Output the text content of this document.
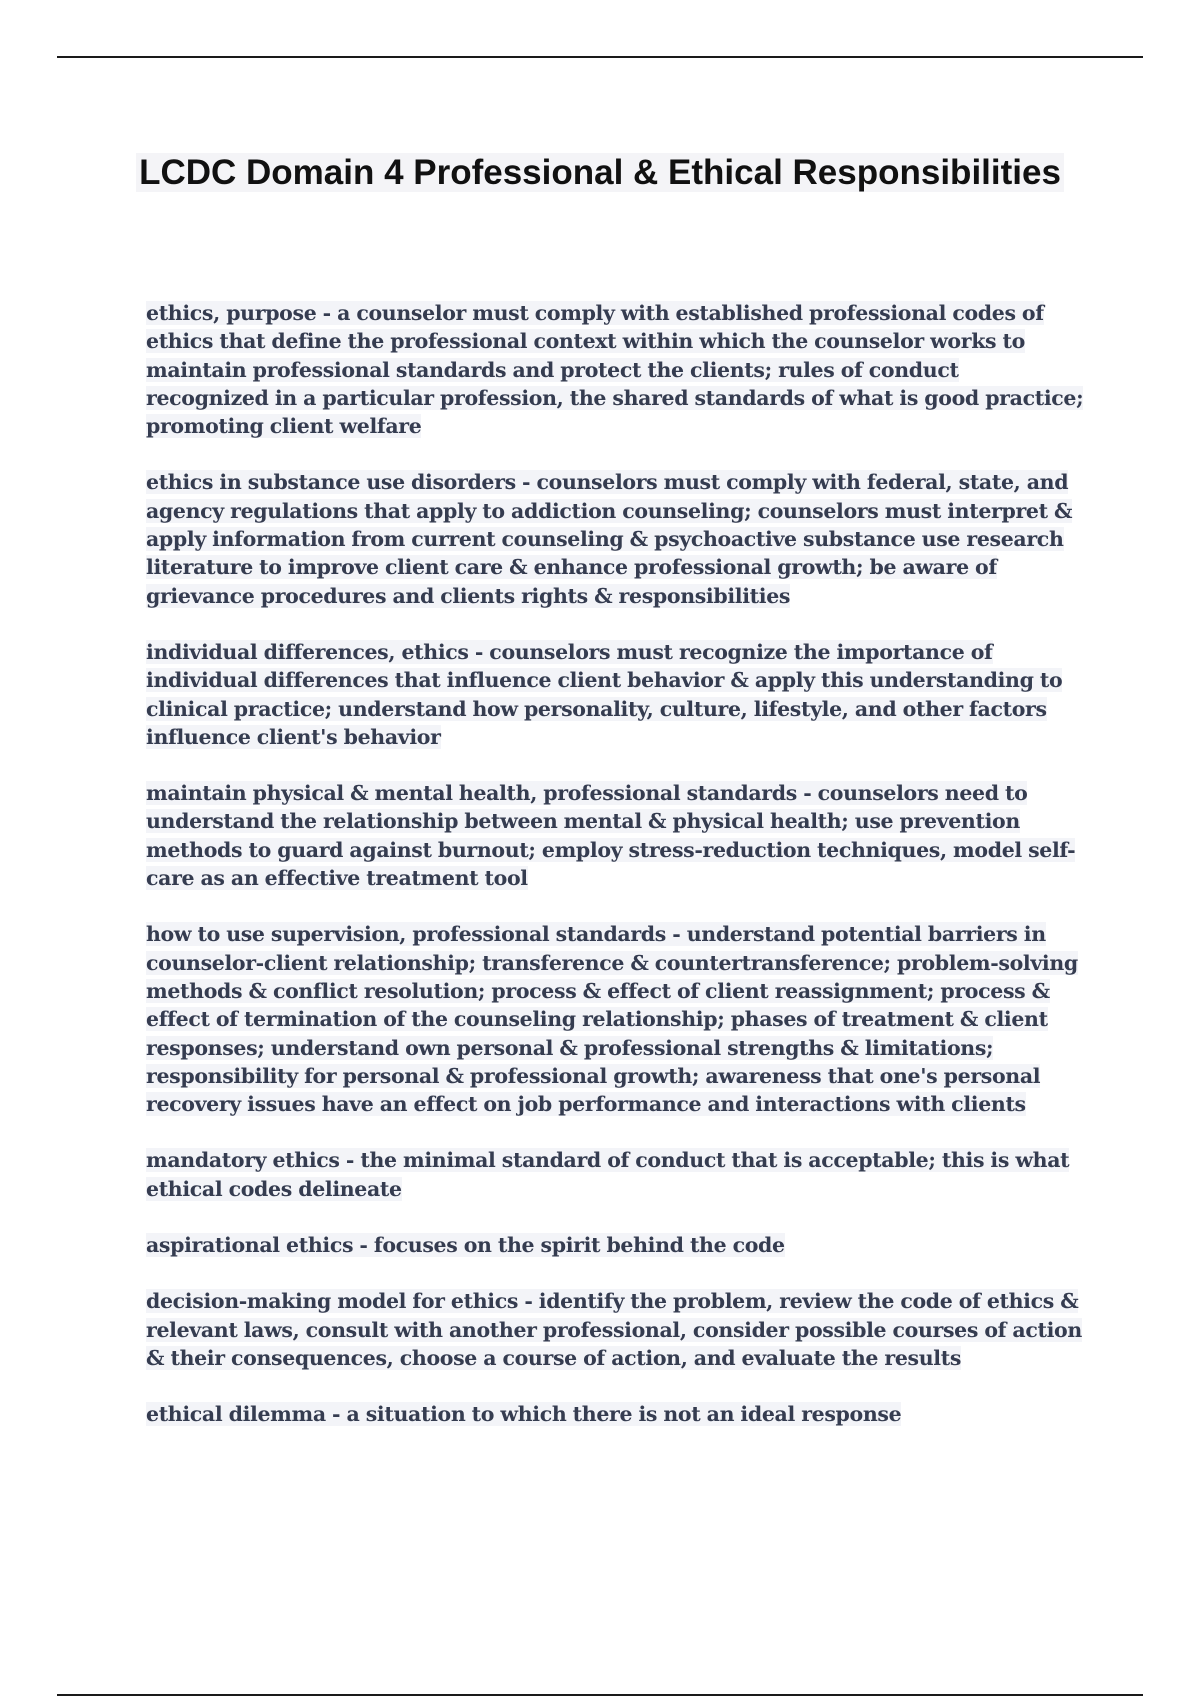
LCDC Domain 4 Professional & Ethical Responsibilities

ethics, purpose - a counselor must comply with established professional codes of ethics that define the professional context within which the counselor works to maintain professional standards and protect the clients; rules of conduct recognized in a particular profession, the shared standards of what is good practice; promoting client welfare

ethics in substance use disorders - counselors must comply with federal, state, and agency regulations that apply to addiction counseling; counselors must interpret & apply information from current counseling & psychoactive substance use research literature to improve client care & enhance professional growth; be aware of grievance procedures and clients rights & responsibilities

individual differences, ethics - counselors must recognize the importance of individual differences that influence client behavior & apply this understanding to clinical practice; understand how personality, culture, lifestyle, and other factors influence client's behavior

maintain physical & mental health, professional standards - counselors need to understand the relationship between mental & physical health; use prevention methods to guard against burnout; employ stress-reduction techniques, model self-care as an effective treatment tool

how to use supervision, professional standards - understand potential barriers in counselor-client relationship; transference & countertransference; problem-solving methods & conflict resolution; process & effect of client reassignment; process & effect of termination of the counseling relationship; phases of treatment & client responses; understand own personal & professional strengths & limitations; responsibility for personal & professional growth; awareness that one's personal recovery issues have an effect on job performance and interactions with clients

mandatory ethics - the minimal standard of conduct that is acceptable; this is what ethical codes delineate

aspirational ethics - focuses on the spirit behind the code

decision-making model for ethics - identify the problem, review the code of ethics & relevant laws, consult with another professional, consider possible courses of action & their consequences, choose a course of action, and evaluate the results

ethical dilemma - a situation to which there is not an ideal response
